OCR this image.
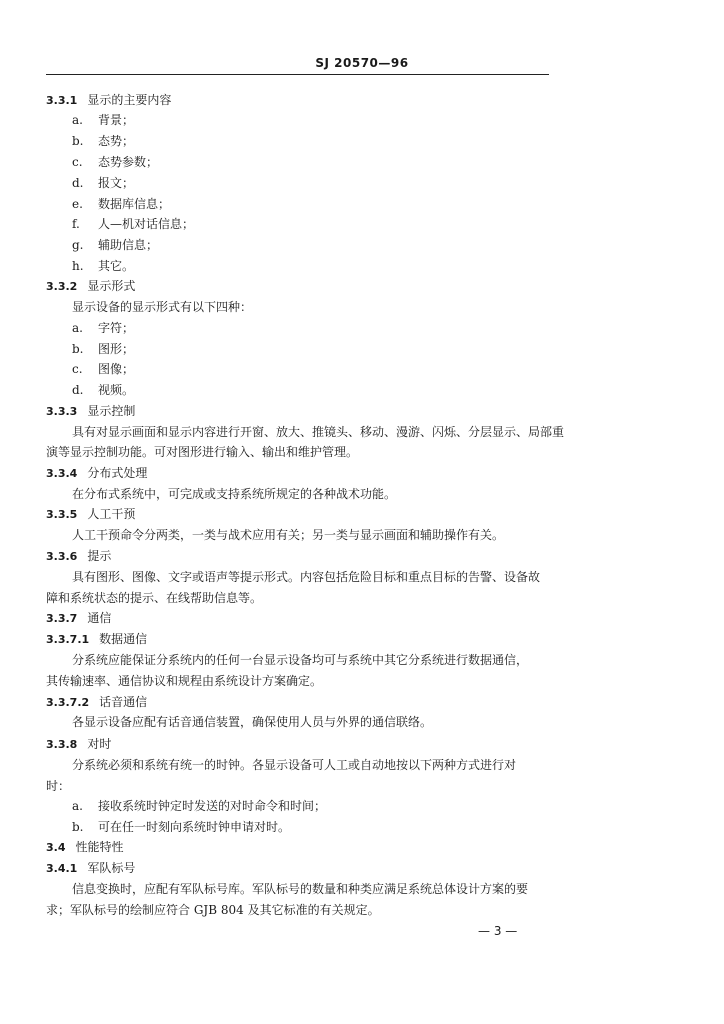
SJ 20570—96
3.3.1 显示的主要内容
a. 背景；
b. 态势；
c. 态势参数；
d. 报文；
e. 数据库信息；
f. 人—机对话信息；
g. 辅助信息；
h. 其它。
3.3.2 显示形式
显示设备的显示形式有以下四种：
a. 字符；
b. 图形；
c. 图像；
d. 视频。
3.3.3 显示控制
具有对显示画面和显示内容进行开窗、放大、推镜头、移动、漫游、闪烁、分层显示、局部重
演等显示控制功能。可对图形进行输入、输出和维护管理。
3.3.4 分布式处理
在分布式系统中，可完成或支持系统所规定的各种战术功能。
3.3.5 人工干预
人工干预命令分两类，一类与战术应用有关；另一类与显示画面和辅助操作有关。
3.3.6 提示
具有图形、图像、文字或语声等提示形式。内容包括危险目标和重点目标的告警、设备故
障和系统状态的提示、在线帮助信息等。
3.3.7 通信
3.3.7.1 数据通信
分系统应能保证分系统内的任何一台显示设备均可与系统中其它分系统进行数据通信，
其传输速率、通信协议和规程由系统设计方案确定。
3.3.7.2 话音通信
各显示设备应配有话音通信装置，确保使用人员与外界的通信联络。
3.3.8 对时
分系统必须和系统有统一的时钟。各显示设备可人工或自动地按以下两种方式进行对
时：
a. 接收系统时钟定时发送的对时命令和时间；
b. 可在任一时刻向系统时钟申请对时。
3.4 性能特性
3.4.1 军队标号
信息变换时，应配有军队标号库。军队标号的数量和种类应满足系统总体设计方案的要
求；军队标号的绘制应符合 GJB 804 及其它标准的有关规定。
— 3 —
